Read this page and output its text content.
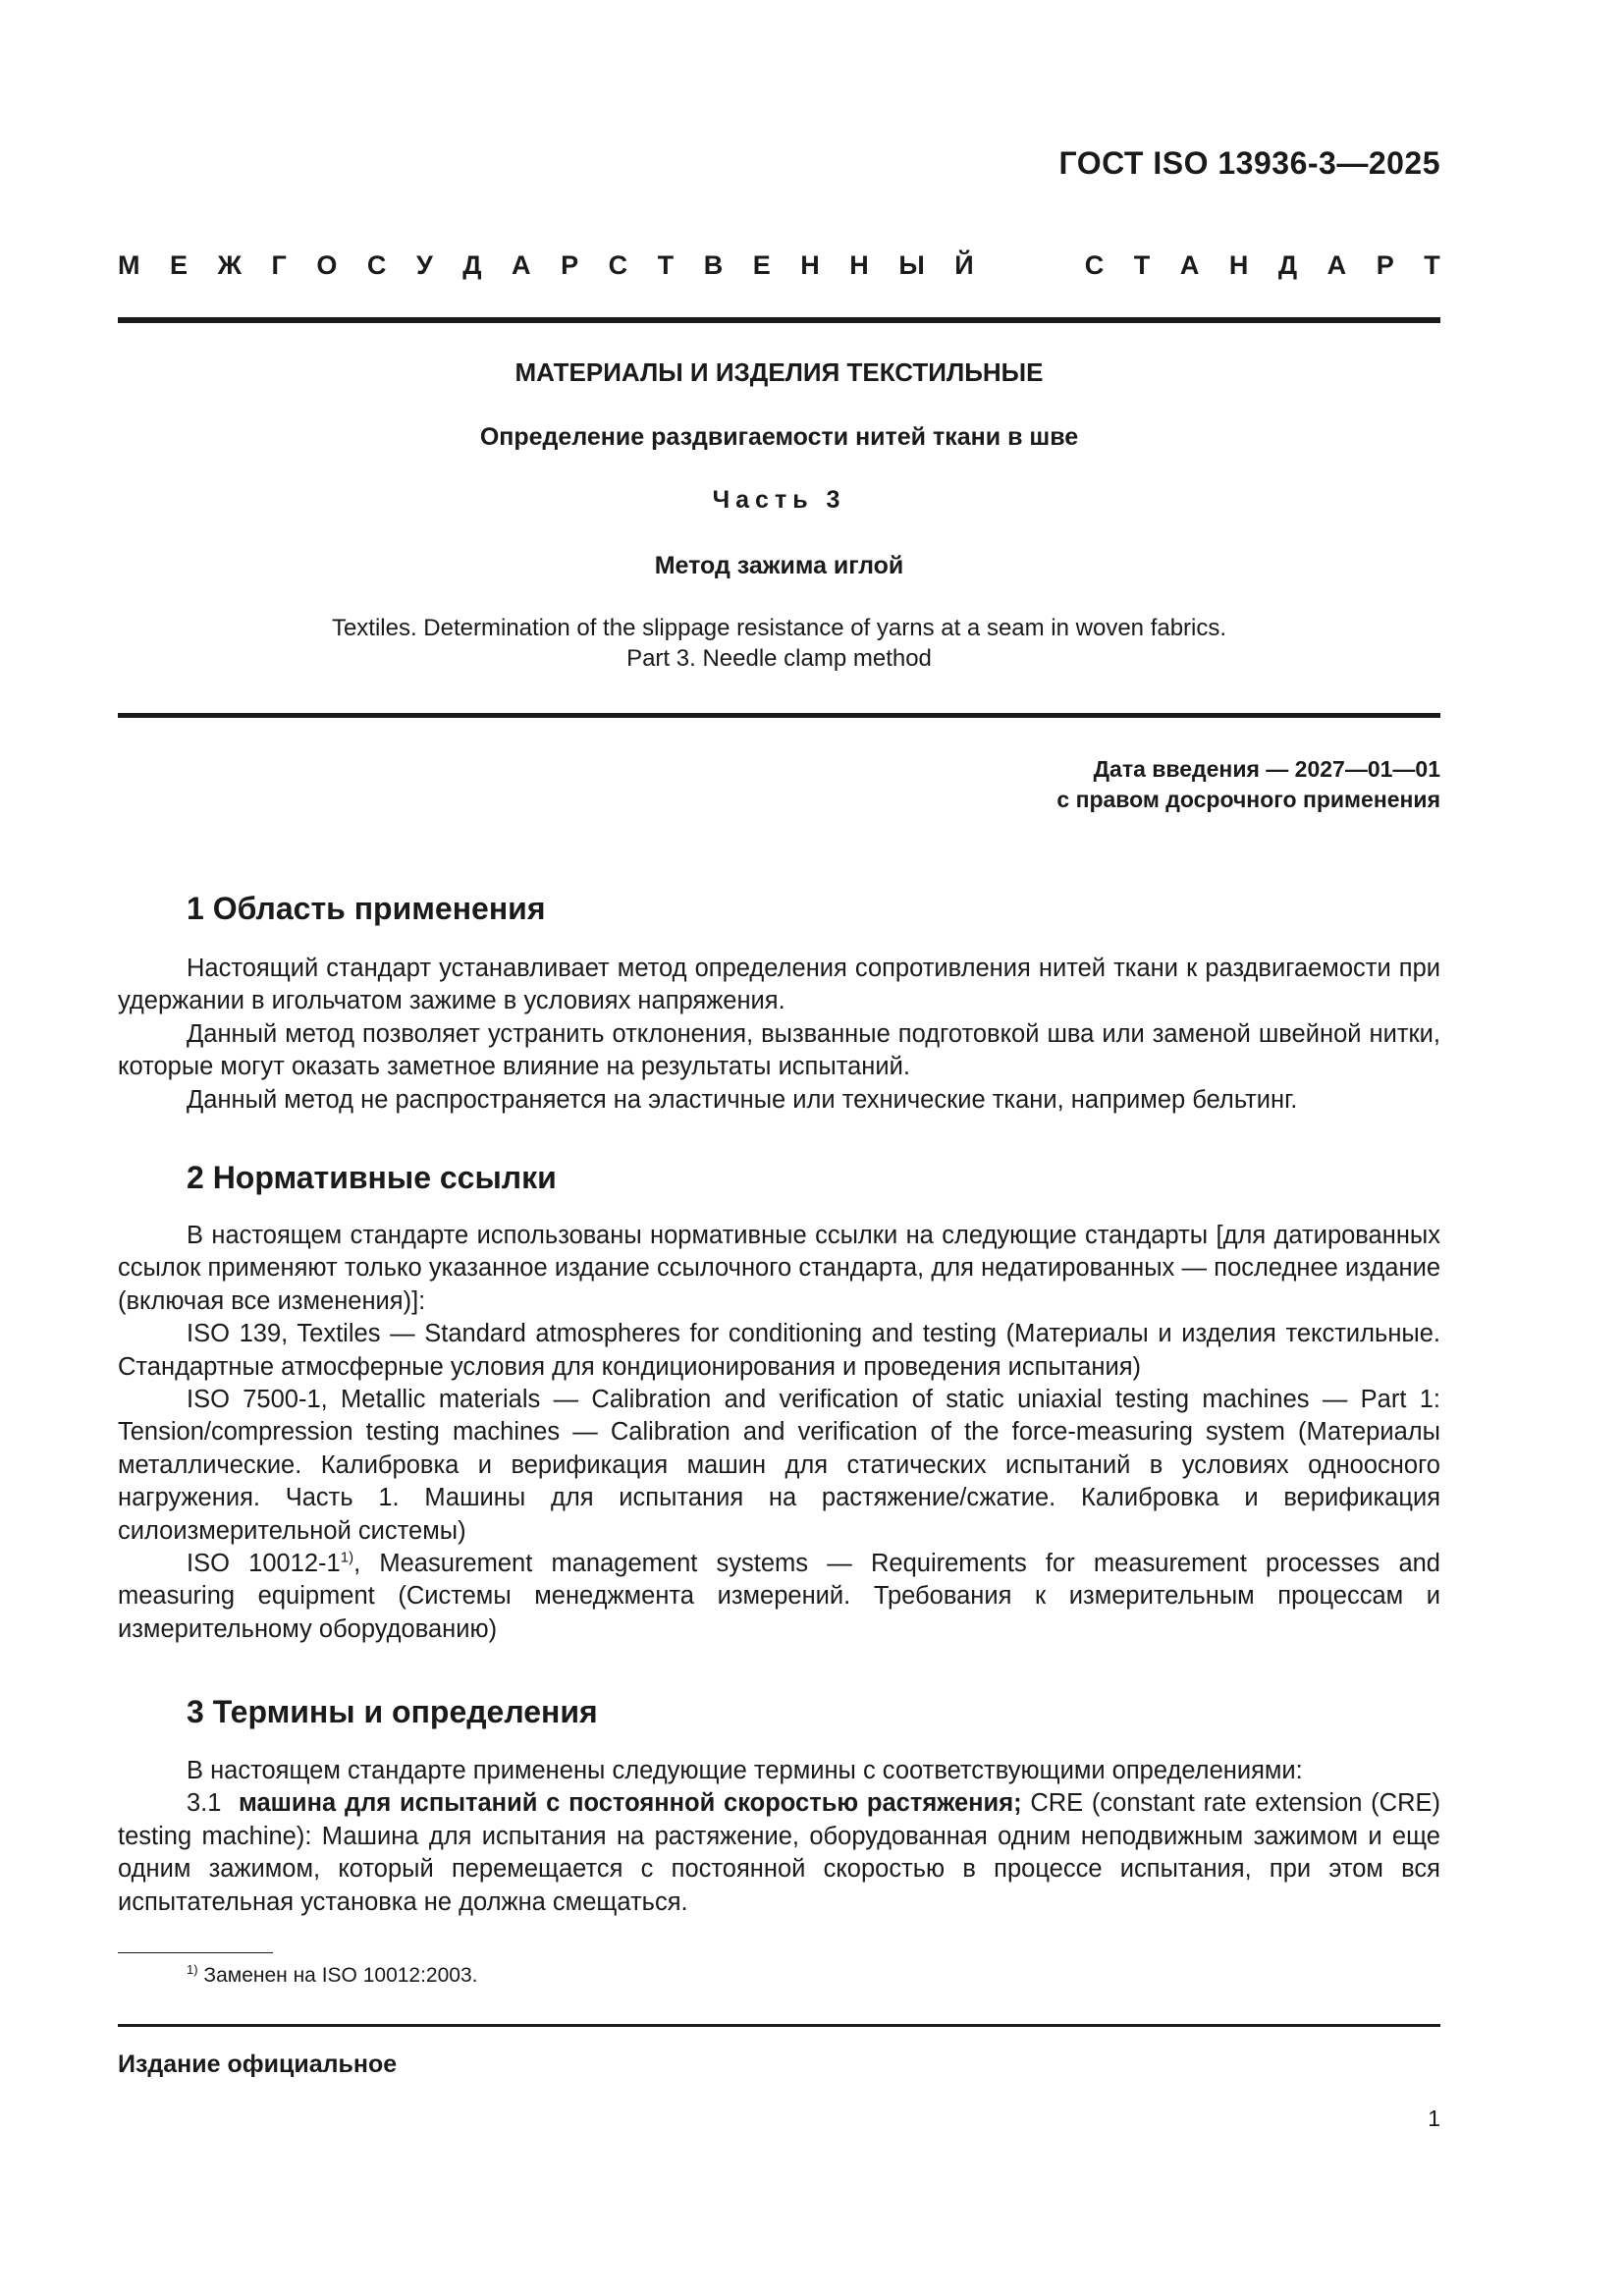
ГОСТ ISO 13936-3—2025
М Е Ж Г О С У Д А Р С Т В Е Н Н Ы Й	С Т А Н Д А Р Т
МАТЕРИАЛЫ И ИЗДЕЛИЯ ТЕКСТИЛЬНЫЕ
Определение раздвигаемости нитей ткани в шве
Часть 3
Метод зажима иглой
Textiles. Determination of the slippage resistance of yarns at a seam in woven fabrics.
Part 3. Needle clamp method
Дата введения — 2027—01—01
с правом досрочного применения
1 Область применения

Настоящий стандарт устанавливает метод определения сопротивления нитей ткани к раздвигаемости при удержании в игольчатом зажиме в условиях напряжения.

Данный метод позволяет устранить отклонения, вызванные подготовкой шва или заменой швейной нитки, которые могут оказать заметное влияние на результаты испытаний.

Данный метод не распространяется на эластичные или технические ткани, например бельтинг.

2 Нормативные ссылки

В настоящем стандарте использованы нормативные ссылки на следующие стандарты [для датированных ссылок применяют только указанное издание ссылочного стандарта, для недатированных — последнее издание (включая все изменения)]:

ISO 139, Textiles — Standard atmospheres for conditioning and testing (Материалы и изделия текстильные. Стандартные атмосферные условия для кондиционирования и проведения испытания)

ISO 7500-1, Metallic materials — Calibration and verification of static uniaxial testing machines — Part 1: Tension/compression testing machines — Calibration and verification of the force-measuring system (Материалы металлические. Калибровка и верификация машин для статических испытаний в условиях одноосного нагружения. Часть 1. Машины для испытания на растяжение/сжатие. Калибровка и верификация силоизмерительной системы)

ISO 10012-1$^{1)}$, Measurement management systems — Requirements for measurement processes and measuring equipment (Системы менеджмента измерений. Требования к измерительным процессам и измерительному оборудованию)

3 Термины и определения

В настоящем стандарте применены следующие термины с соответствующими определениями:

3.1 машина для испытаний с постоянной скоростью растяжения; CRE (constant rate extension (CRE) testing machine): Машина для испытания на растяжение, оборудованная одним неподвижным зажимом и еще одним зажимом, который перемещается с постоянной скоростью в процессе испытания, при этом вся испытательная установка не должна смещаться.

$^{1)}$ Заменен на ISO 10012:2003.
Издание официальное
1
